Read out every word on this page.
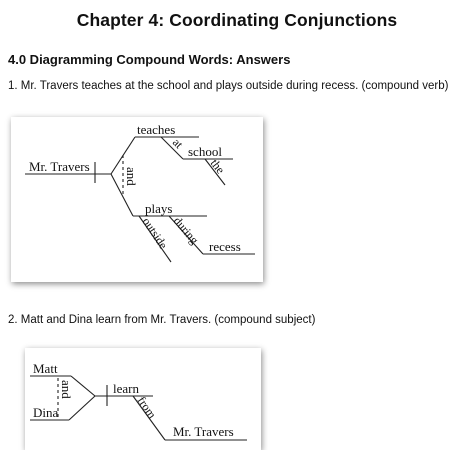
Chapter 4: Coordinating Conjunctions
4.0 Diagramming Compound Words: Answers
1. Mr. Travers teaches at the school and plays outside during recess. (compound verb)
Mr. Travers
and
teaches
at
school
the
plays
outside during recess
2. Matt and Dina learn from Mr. Travers. (compound subject)
Matt
Dina
and	learn
from
Mr. Travers
